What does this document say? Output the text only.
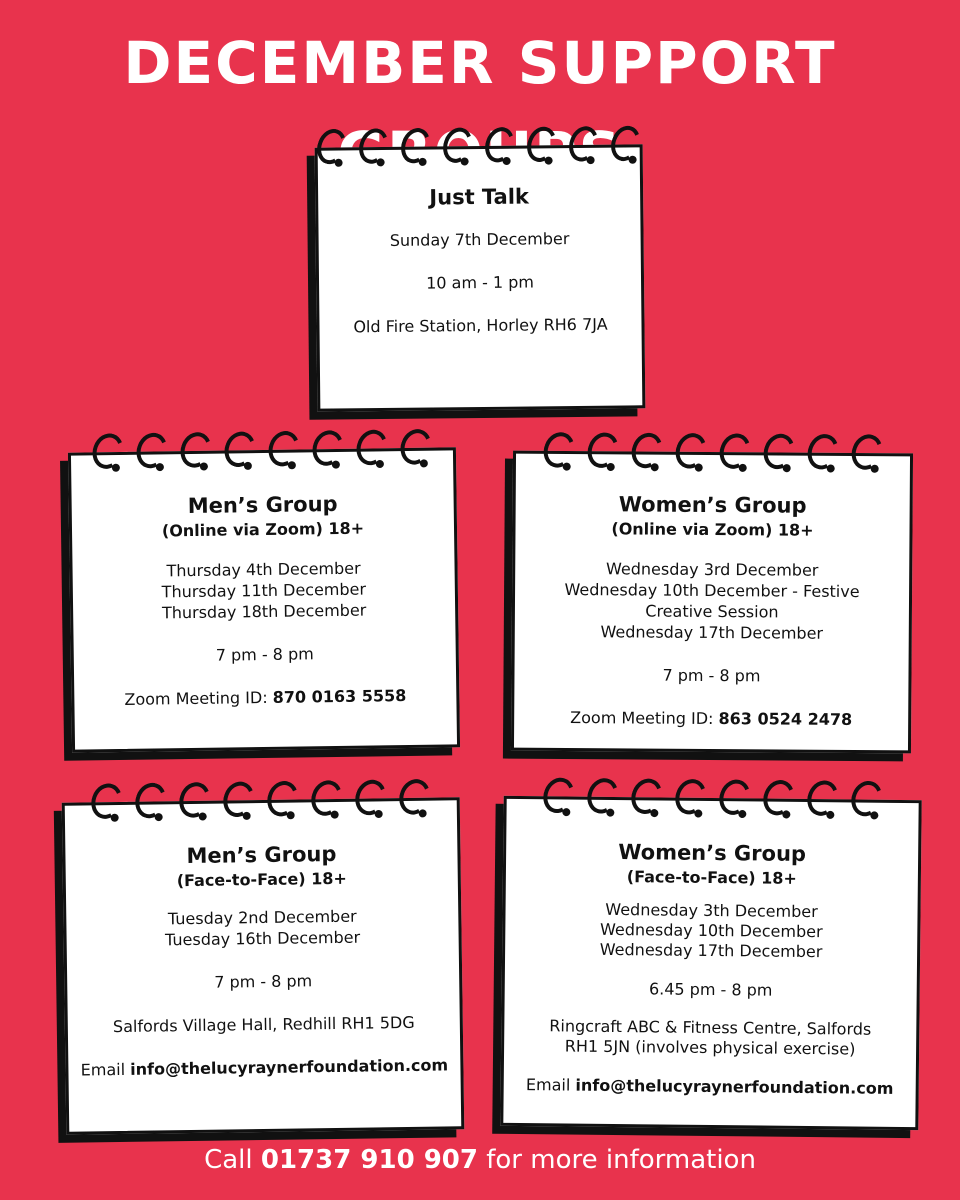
DECEMBER SUPPORT
Just Talk
Sunday 7th December
10 am - 1 pm
Old Fire Station, Horley RH6 7JA
Men’s Group
(Online via Zoom) 18+
Thursday 4th December
Thursday 11th December
Thursday 18th December
7 pm - 8 pm
Zoom Meeting ID: 870 0163 5558
Women’s Group
(Online via Zoom) 18+
Wednesday 3rd December
Wednesday 10th December - Festive
Creative Session
Wednesday 17th December
7 pm - 8 pm
Zoom Meeting ID: 863 0524 2478
Men’s Group
(Face-to-Face) 18+
Tuesday 2nd December
Tuesday 16th December
7 pm - 8 pm
Salfords Village Hall, Redhill RH1 5DG
Email info@thelucyraynerfoundation.com
Women’s Group
(Face-to-Face) 18+
Wednesday 3th December
Wednesday 10th December
Wednesday 17th December
6.45 pm - 8 pm
Ringcraft ABC & Fitness Centre, Salfords
RH1 5JN (involves physical exercise)
Email info@thelucyraynerfoundation.com
Call 01737 910 907 for more information
